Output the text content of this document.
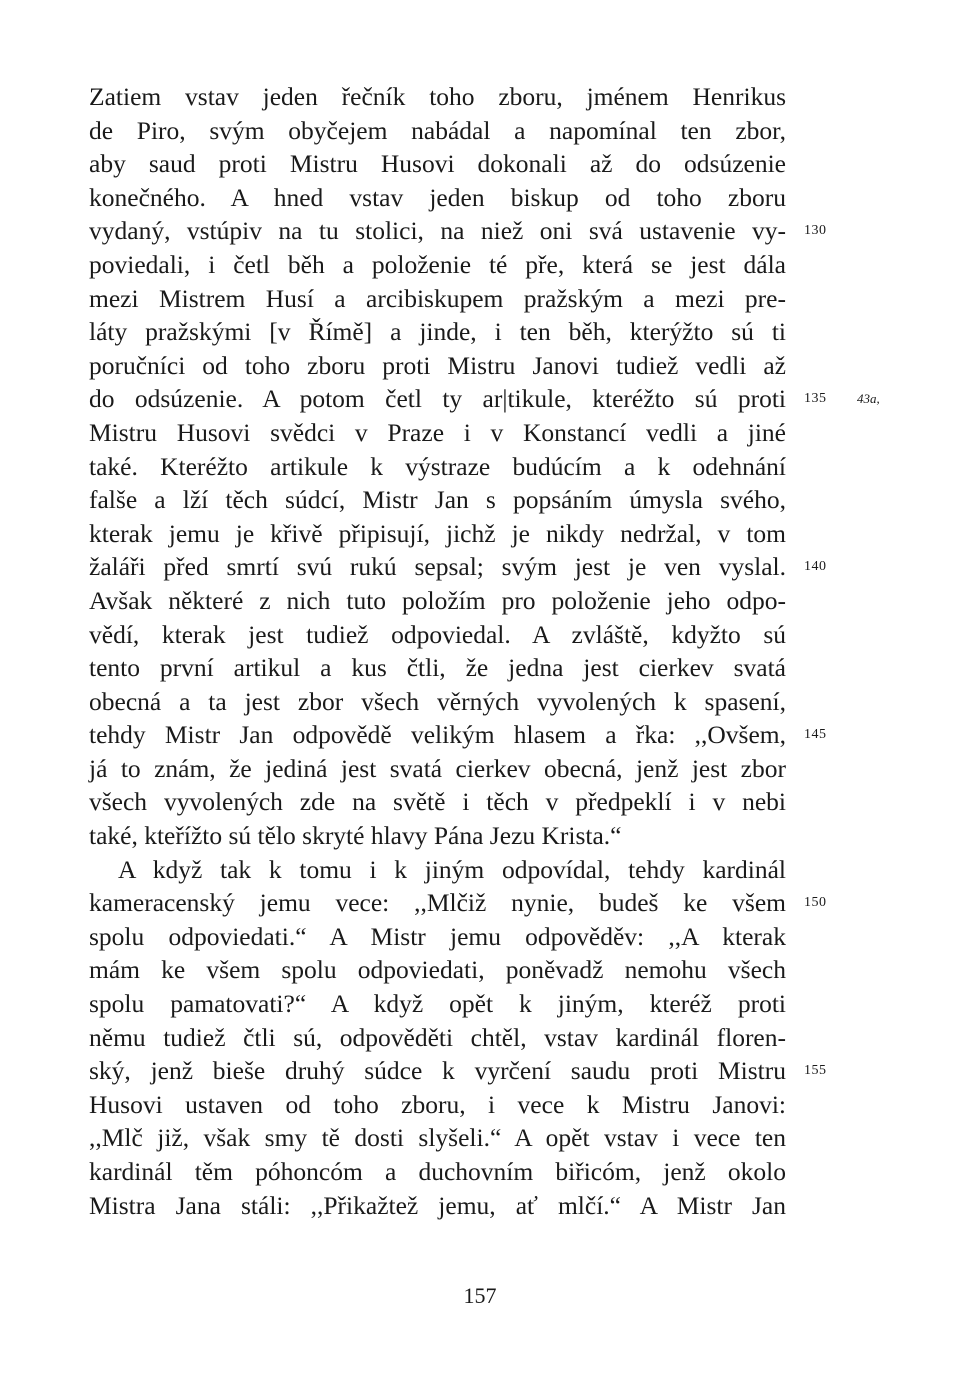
Zatiem vstav jeden řečník toho zboru, jménem Henrikus
de Piro, svým obyčejem nabádal a napomínal ten zbor,
aby saud proti Mistru Husovi dokonali až do odsúzenie
konečného. A hned vstav jeden biskup od toho zboru
vydaný, vstúpiv na tu stolici, na niež oni svá ustavenie vy- 130
poviedali, i četl běh a položenie té pře, která se jest dála
mezi Mistrem Husí a arcibiskupem pražským a mezi pre-
láty pražskými [v Římě] a jinde, i ten běh, kterýžto sú ti
poručníci od toho zboru proti Mistru Janovi tudiež vedli až
do odsúzenie. A potom četl ty ar|tikule, kteréžto sú proti 135 43a,
Mistru Husovi svědci v Praze i v Konstancí vedli a jiné
také. Kteréžto artikule k výstraze budúcím a k odehnání
falše a lží těch súdcí, Mistr Jan s popsáním úmysla svého,
kterak jemu je křivě připisují, jichž je nikdy nedržal, v tom
žaláři před smrtí svú rukú sepsal; svým jest je ven vyslal. 140
Avšak některé z nich tuto položím pro položenie jeho odpo-
vědí, kterak jest tudiež odpoviedal. A zvláště, kdyžto sú
tento první artikul a kus čtli, že jedna jest cierkev svatá
obecná a ta jest zbor všech věrných vyvolených k spasení,
tehdy Mistr Jan odpovědě velikým hlasem a řka: ,,Ovšem, 145
já to znám, že jediná jest svatá cierkev obecná, jenž jest zbor
všech vyvolených zde na světě i těch v předpeklí i v nebi
také, kteřížto sú tělo skryté hlavy Pána Jezu Krista.“
A když tak k tomu i k jiným odpovídal, tehdy kardinál
kameracenský jemu vece: ,,Mlčiž nynie, budeš ke všem 150
spolu odpoviedati.“ A Mistr jemu odpověděv: ,,A kterak
mám ke všem spolu odpoviedati, poněvadž nemohu všech
spolu pamatovati?“ A když opět k jiným, kteréž proti
němu tudiež čtli sú, odpověděti chtěl, vstav kardinál floren-
ský, jenž bieše druhý súdce k vyrčení saudu proti Mistru 155
Husovi ustaven od toho zboru, i vece k Mistru Janovi:
,,Mlč již, však smy tě dosti slyšeli.“ A opět vstav i vece ten
kardinál těm póhoncóm a duchovním biřicóm, jenž okolo
Mistra Jana stáli: ,,Přikažtež jemu, ať mlčí.“ A Mistr Jan
157
